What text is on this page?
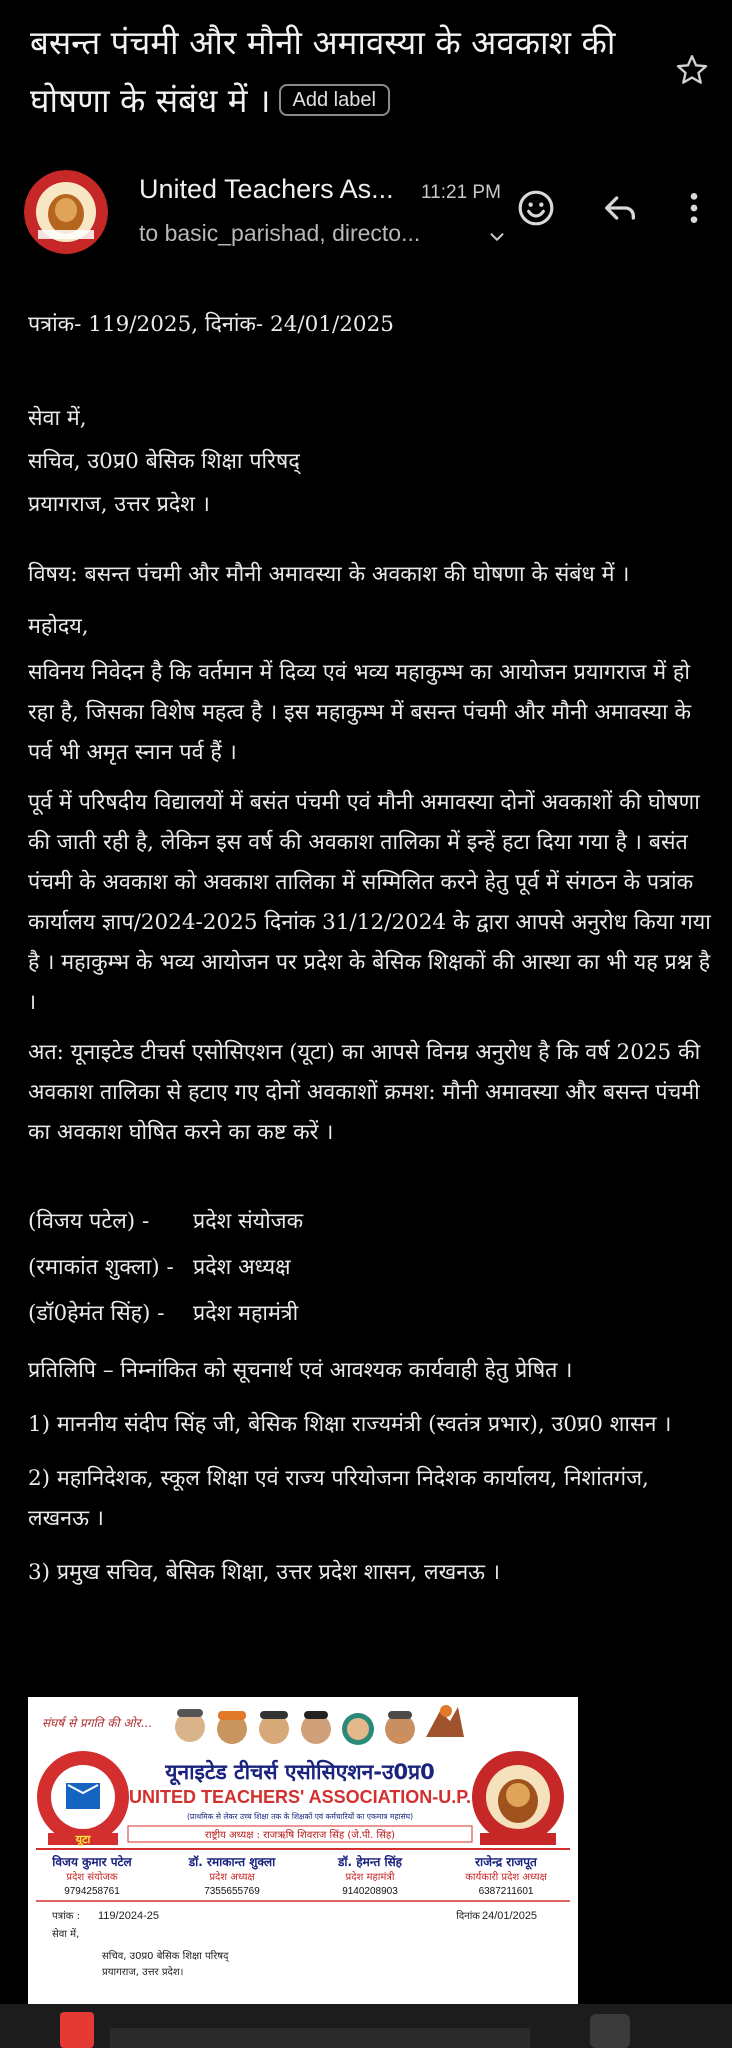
बसन्त पंचमी और मौनी अमावस्या के अवकाश की घोषणा के संबंध में । Add label
United Teachers As... 11:21 PM
to basic_parishad, directo...

पत्रांक- 119/2025, दिनांक- 24/01/2025

सेवा में,

सचिव, उ0प्र0 बेसिक शिक्षा परिषद्

प्रयागराज, उत्तर प्रदेश ।

विषय: बसन्त पंचमी और मौनी अमावस्या के अवकाश की घोषणा के संबंध में ।

महोदय,

सविनय निवेदन है कि वर्तमान में दिव्य एवं भव्य महाकुम्भ का आयोजन प्रयागराज में हो रहा है, जिसका विशेष महत्व है । इस महाकुम्भ में बसन्त पंचमी और मौनी अमावस्या के पर्व भी अमृत स्नान पर्व हैं ।

पूर्व में परिषदीय विद्यालयों में बसंत पंचमी एवं मौनी अमावस्या दोनों अवकाशों की घोषणा की जाती रही है, लेकिन इस वर्ष की अवकाश तालिका में इन्हें हटा दिया गया है । बसंत पंचमी के अवकाश को अवकाश तालिका में सम्मिलित करने हेतु पूर्व में संगठन के पत्रांक कार्यालय ज्ञाप/2024-2025 दिनांक 31/12/2024 के द्वारा आपसे अनुरोध किया गया है । महाकुम्भ के भव्य आयोजन पर प्रदेश के बेसिक शिक्षकों की आस्था का भी यह प्रश्न है ।

अत: यूनाइटेड टीचर्स एसोसिएशन (यूटा) का आपसे विनम्र अनुरोध है कि वर्ष 2025 की अवकाश तालिका से हटाए गए दोनों अवकाशों क्रमश: मौनी अमावस्या और बसन्त पंचमी का अवकाश घोषित करने का कष्ट करें ।

(विजय पटेल) -	प्रदेश संयोजक
(रमाकांत शुक्ला) - प्रदेश अध्यक्ष
(डॉ0हेमंत सिंह) -	प्रदेश महामंत्री

प्रतिलिपि – निम्नांकित को सूचनार्थ एवं आवश्यक कार्यवाही हेतु प्रेषित ।

1) माननीय संदीप सिंह जी, बेसिक शिक्षा राज्यमंत्री (स्वतंत्र प्रभार), उ0प्र0 शासन ।

2) महानिदेशक, स्कूल शिक्षा एवं राज्य परियोजना निदेशक कार्यालय, निशांतगंज, लखनऊ ।

3) प्रमुख सचिव, बेसिक शिक्षा, उत्तर प्रदेश शासन, लखनऊ ।

संघर्ष से प्रगति की ओर...
यूटा
यूनाइटेड टीचर्स एसोसिएशन-उ0प्र0
UNITED TEACHERS' ASSOCIATION-U.P.
(प्राथमिक से लेकर उच्च शिक्षा तक के शिक्षकों एवं कर्मचारियों का एकमात्र महासंघ)
राष्ट्रीय अध्यक्ष : राजऋषि शिवराज सिंह (जे.पी. सिंह)
विजय कुमार पटेल
प्रदेश संयोजक
9794258761
डॉ. रमाकान्त शुक्ला
प्रदेश अध्यक्ष
7355655769
डॉ. हेमन्त सिंह
प्रदेश महामंत्री
9140208903
राजेन्द्र राजपूत
कार्यकारी प्रदेश अध्यक्ष
6387211601
पत्रांक : 119/2024-25	दिनांक 24/01/2025
सेवा में,
सचिव, उ0प्र0 बेसिक शिक्षा परिषद्
प्रयागराज, उत्तर प्रदेश।
